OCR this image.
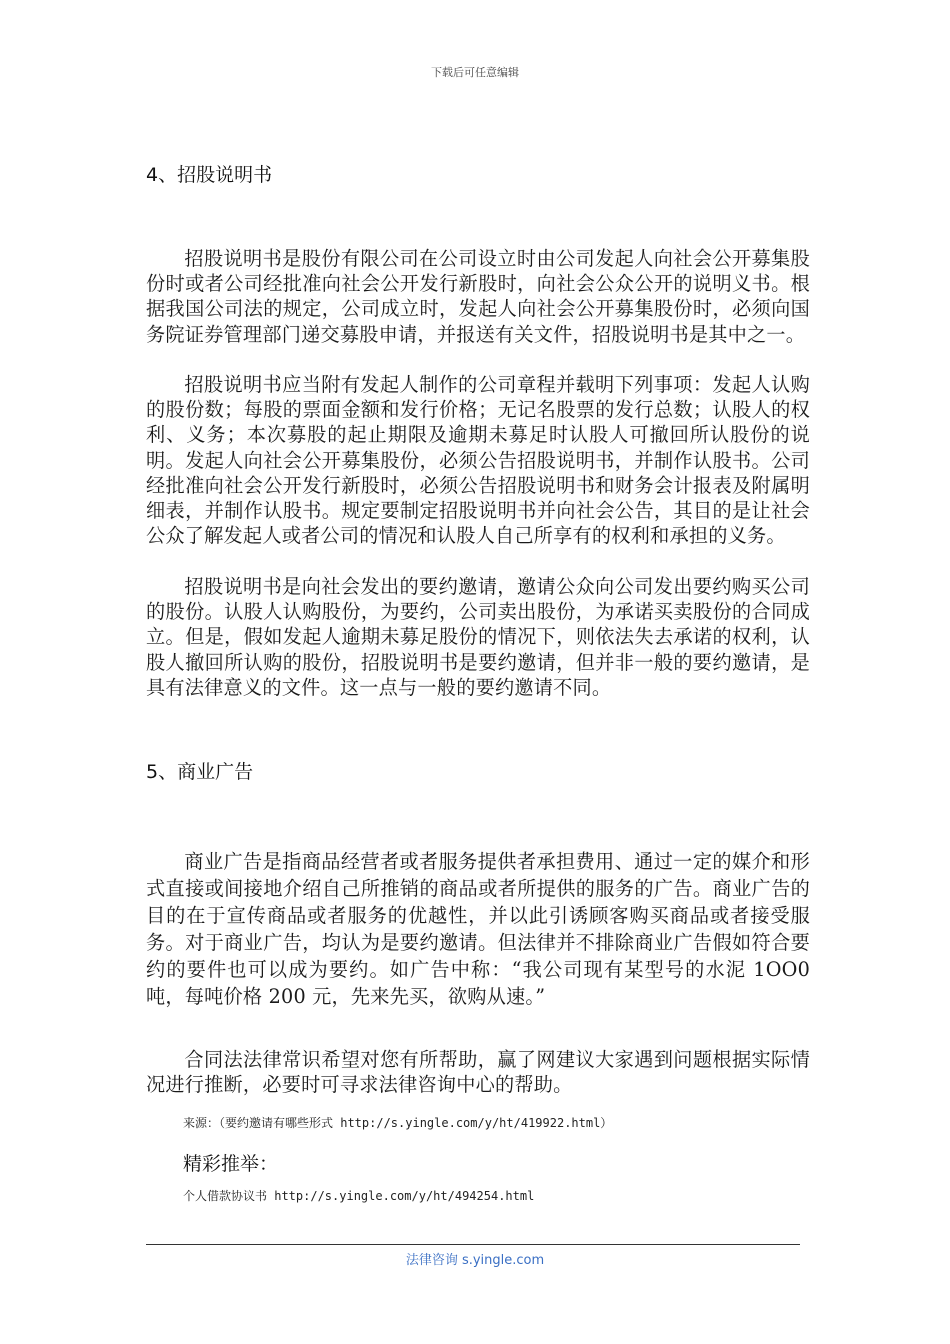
下载后可任意编辑
4、招股说明书

招股说明书是股份有限公司在公司设立时由公司发起人向社会公开募集股份时或者公司经批准向社会公开发行新股时，向社会公众公开的说明义书。根据我国公司法的规定，公司成立时，发起人向社会公开募集股份时，必须向国务院证券管理部门递交募股申请，并报送有关文件，招股说明书是其中之一。

招股说明书应当附有发起人制作的公司章程并载明下列事项：发起人认购的股份数；每股的票面金额和发行价格；无记名股票的发行总数；认股人的权利、义务；本次募股的起止期限及逾期未募足时认股人可撤回所认股份的说明。发起人向社会公开募集股份，必须公告招股说明书，并制作认股书。公司经批准向社会公开发行新股时，必须公告招股说明书和财务会计报表及附属明细表，并制作认股书。规定要制定招股说明书并向社会公告，其目的是让社会公众了解发起人或者公司的情况和认股人自己所享有的权利和承担的义务。

招股说明书是向社会发出的要约邀请，邀请公众向公司发出要约购买公司的股份。认股人认购股份，为要约，公司卖出股份，为承诺买卖股份的合同成立。但是，假如发起人逾期未募足股份的情况下，则依法失去承诺的权利，认股人撤回所认购的股份，招股说明书是要约邀请，但并非一般的要约邀请，是具有法律意义的文件。这一点与一般的要约邀请不同。

5、商业广告

商业广告是指商品经营者或者服务提供者承担费用、通过一定的媒介和形式直接或间接地介绍自己所推销的商品或者所提供的服务的广告。商业广告的目的在于宣传商品或者服务的优越性，并以此引诱顾客购买商品或者接受服务。对于商业广告，均认为是要约邀请。但法律并不排除商业广告假如符合要约的要件也可以成为要约。如广告中称：“我公司现有某型号的水泥 1OO0 吨，每吨价格 200 元，先来先买，欲购从速。”

合同法法律常识希望对您有所帮助，赢了网建议大家遇到问题根据实际情况进行推断，必要时可寻求法律咨询中心的帮助。

来源：（要约邀请有哪些形式 http://s.yingle.com/y/ht/419922.html）
精彩推举：
个人借款协议书 http://s.yingle.com/y/ht/494254.html
法律咨询 s.yingle.com
